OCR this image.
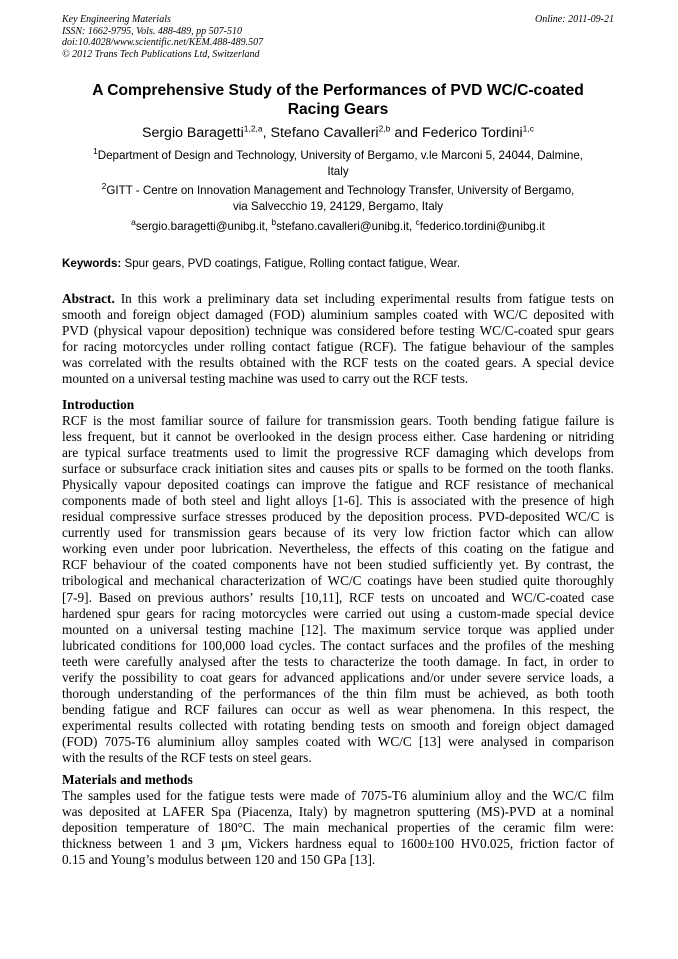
Key Engineering Materials
ISSN: 1662-9795, Vols. 488-489, pp 507-510
doi:10.4028/www.scientific.net/KEM.488-489.507
© 2012 Trans Tech Publications Ltd, Switzerland
Online: 2011-09-21
A Comprehensive Study of the Performances of PVD WC/C-coated
Racing Gears
Sergio Baragetti$^{1,2,a}$, Stefano Cavalleri$^{2,b}$ and Federico Tordini$^{1,c}$
$^1$Department of Design and Technology, University of Bergamo, v.le Marconi 5, 24044, Dalmine,
Italy
$^2$GITT - Centre on Innovation Management and Technology Transfer, University of Bergamo,
via Salvecchio 19, 24129, Bergamo, Italy
$^a$sergio.baragetti@unibg.it, $^b$stefano.cavalleri@unibg.it, $^c$federico.tordini@unibg.it
Keywords: Spur gears, PVD coatings, Fatigue, Rolling contact fatigue, Wear.
Abstract. In this work a preliminary data set including experimental results from fatigue tests on
smooth and foreign object damaged (FOD) aluminium samples coated with WC/C deposited with
PVD (physical vapour deposition) technique was considered before testing WC/C-coated spur gears
for racing motorcycles under rolling contact fatigue (RCF). The fatigue behaviour of the samples
was correlated with the results obtained with the RCF tests on the coated gears. A special device
mounted on a universal testing machine was used to carry out the RCF tests.
Introduction
RCF is the most familiar source of failure for transmission gears. Tooth bending fatigue failure is
less frequent, but it cannot be overlooked in the design process either. Case hardening or nitriding
are typical surface treatments used to limit the progressive RCF damaging which develops from
surface or subsurface crack initiation sites and causes pits or spalls to be formed on the tooth flanks.
Physically vapour deposited coatings can improve the fatigue and RCF resistance of mechanical
components made of both steel and light alloys [1-6]. This is associated with the presence of high
residual compressive surface stresses produced by the deposition process. PVD-deposited WC/C is
currently used for transmission gears because of its very low friction factor which can allow
working even under poor lubrication. Nevertheless, the effects of this coating on the fatigue and
RCF behaviour of the coated components have not been studied sufficiently yet. By contrast, the
tribological and mechanical characterization of WC/C coatings have been studied quite thoroughly
[7-9]. Based on previous authors’ results [10,11], RCF tests on uncoated and WC/C-coated case
hardened spur gears for racing motorcycles were carried out using a custom-made special device
mounted on a universal testing machine [12]. The maximum service torque was applied under
lubricated conditions for 100,000 load cycles. The contact surfaces and the profiles of the meshing
teeth were carefully analysed after the tests to characterize the tooth damage. In fact, in order to
verify the possibility to coat gears for advanced applications and/or under severe service loads, a
thorough understanding of the performances of the thin film must be achieved, as both tooth
bending fatigue and RCF failures can occur as well as wear phenomena. In this respect, the
experimental results collected with rotating bending tests on smooth and foreign object damaged
(FOD) 7075-T6 aluminium alloy samples coated with WC/C [13] were analysed in comparison
with the results of the RCF tests on steel gears.
Materials and methods
The samples used for the fatigue tests were made of 7075-T6 aluminium alloy and the WC/C film
was deposited at LAFER Spa (Piacenza, Italy) by magnetron sputtering (MS)-PVD at a nominal
deposition temperature of 180°C. The main mechanical properties of the ceramic film were:
thickness between 1 and 3 μm, Vickers hardness equal to 1600±100 HV0.025, friction factor of
0.15 and Young’s modulus between 120 and 150 GPa [13].
